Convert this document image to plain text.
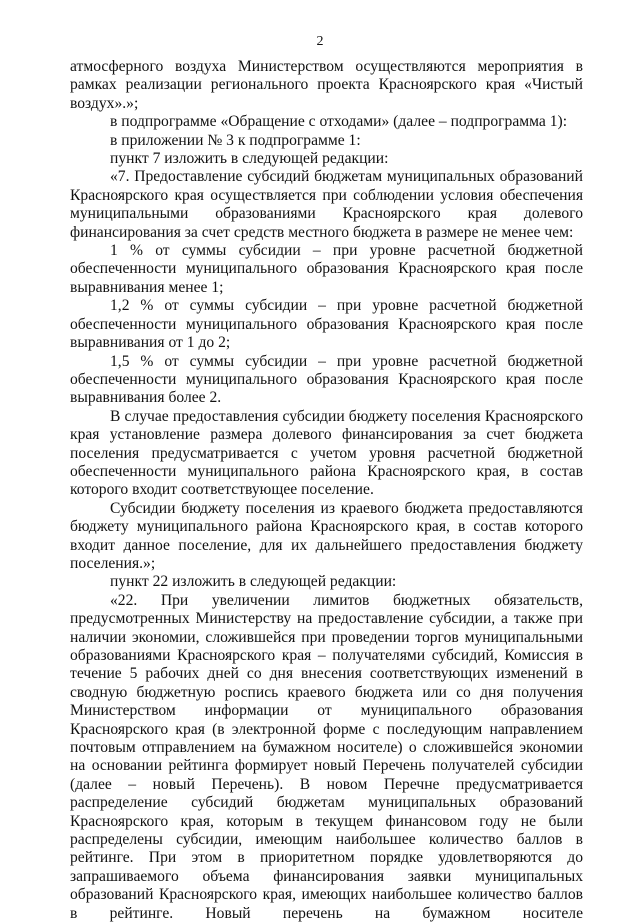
2

атмосферного воздуха Министерством осуществляются мероприятия в рамках реализации регионального проекта Красноярского края «Чистый воздух».»;

в подпрограмме «Обращение с отходами» (далее – подпрограмма 1):

в приложении № 3 к подпрограмме 1:

пункт 7 изложить в следующей редакции:

«7. Предоставление субсидий бюджетам муниципальных образований Красноярского края осуществляется при соблюдении условия обеспечения муниципальными образованиями Красноярского края долевого финансирования за счет средств местного бюджета в размере не менее чем:

1 % от суммы субсидии – при уровне расчетной бюджетной обеспеченности муниципального образования Красноярского края после выравнивания менее 1;

1,2 % от суммы субсидии – при уровне расчетной бюджетной обеспеченности муниципального образования Красноярского края после выравнивания от 1 до 2;

1,5 % от суммы субсидии – при уровне расчетной бюджетной обеспеченности муниципального образования Красноярского края после выравнивания более 2.

В случае предоставления субсидии бюджету поселения Красноярского края установление размера долевого финансирования за счет бюджета поселения предусматривается с учетом уровня расчетной бюджетной обеспеченности муниципального района Красноярского края, в состав которого входит соответствующее поселение.

Субсидии бюджету поселения из краевого бюджета предоставляются бюджету муниципального района Красноярского края, в состав которого входит данное поселение, для их дальнейшего предоставления бюджету поселения.»;

пункт 22 изложить в следующей редакции:

«22. При увеличении лимитов бюджетных обязательств, предусмотренных Министерству на предоставление субсидии, а также при наличии экономии, сложившейся при проведении торгов муниципальными образованиями Красноярского края – получателями субсидий, Комиссия в течение 5 рабочих дней со дня внесения соответствующих изменений в сводную бюджетную роспись краевого бюджета или со дня получения Министерством информации от муниципального образования Красноярского края (в электронной форме с последующим направлением почтовым отправлением на бумажном носителе) о сложившейся экономии на основании рейтинга формирует новый Перечень получателей субсидии (далее – новый Перечень). В новом Перечне предусматривается распределение субсидий бюджетам муниципальных образований Красноярского края, которым в текущем финансовом году не были распределены субсидии, имеющим наибольшее количество баллов в рейтинге. При этом в приоритетном порядке удовлетворяются до запрашиваемого объема финансирования заявки муниципальных образований Красноярского края, имеющих наибольшее количество баллов в рейтинге. Новый перечень на бумажном носителе
